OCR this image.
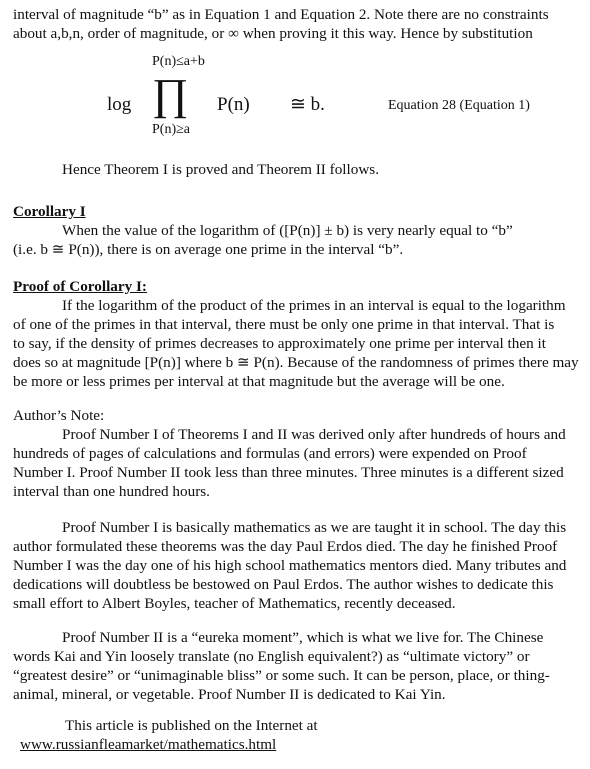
interval of magnitude “b” as in Equation 1 and Equation 2. Note there are no constraints
about a,b,n, order of magnitude, or ∞ when proving it this way. Hence by substitution
P(n)≤a+b
log ∏ P(n) ≅ b.	Equation 28 (Equation 1)
P(n)≥a
Hence Theorem I is proved and Theorem II follows.
Corollary I
When the value of the logarithm of ([P(n)] ± b) is very nearly equal to “b”
(i.e. b ≅ P(n)), there is on average one prime in the interval “b”.
Proof of Corollary I:
If the logarithm of the product of the primes in an interval is equal to the logarithm
of one of the primes in that interval, there must be only one prime in that interval. That is
to say, if the density of primes decreases to approximately one prime per interval then it
does so at magnitude [P(n)] where b ≅ P(n). Because of the randomness of primes there may
be more or less primes per interval at that magnitude but the average will be one.
Author’s Note:
Proof Number I of Theorems I and II was derived only after hundreds of hours and
hundreds of pages of calculations and formulas (and errors) were expended on Proof
Number I. Proof Number II took less than three minutes. Three minutes is a different sized
interval than one hundred hours.
Proof Number I is basically mathematics as we are taught it in school. The day this
author formulated these theorems was the day Paul Erdos died. The day he finished Proof
Number I was the day one of his high school mathematics mentors died. Many tributes and
dedications will doubtless be bestowed on Paul Erdos. The author wishes to dedicate this
small effort to Albert Boyles, teacher of Mathematics, recently deceased.
Proof Number II is a “eureka moment”, which is what we live for. The Chinese
words Kai and Yin loosely translate (no English equivalent?) as “ultimate victory” or
“greatest desire” or “unimaginable bliss” or some such. It can be person, place, or thing-
animal, mineral, or vegetable. Proof Number II is dedicated to Kai Yin.
This article is published on the Internet at
www.russianfleamarket/mathematics.html
